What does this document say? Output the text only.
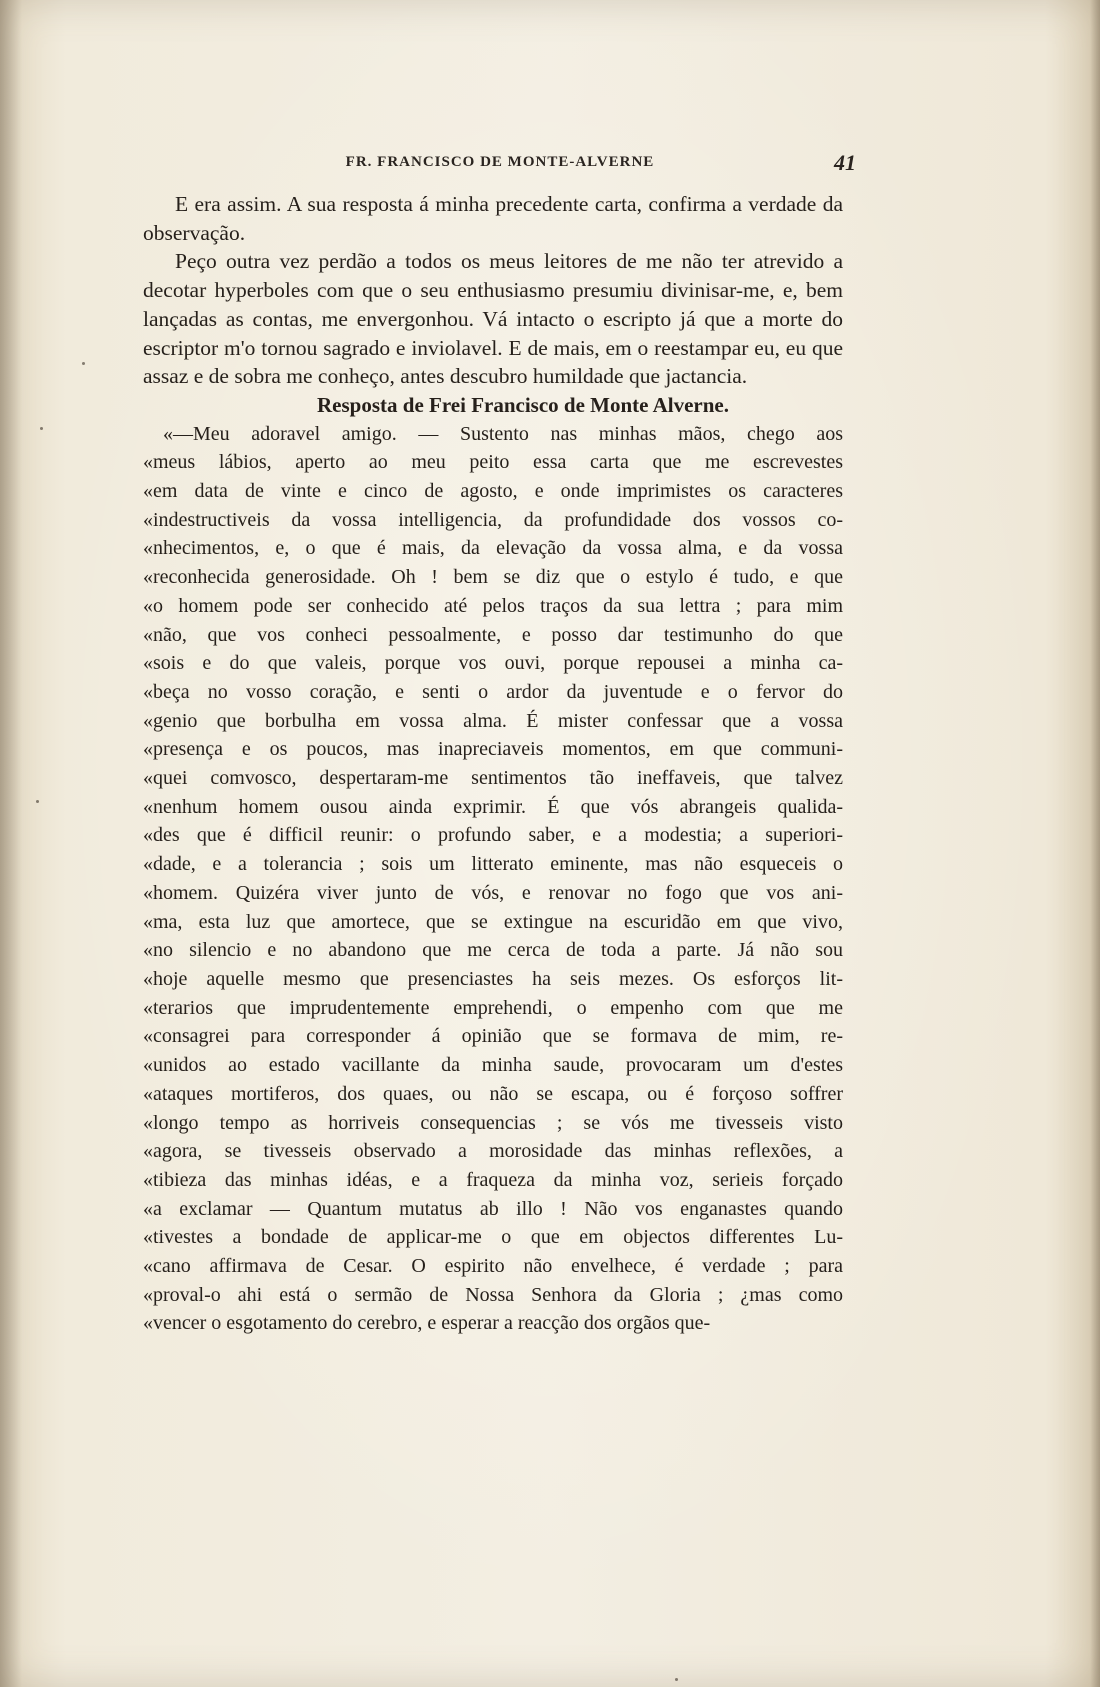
FR. FRANCISCO DE MONTE-ALVERNE	41

E era assim. A sua resposta á minha precedente carta, confirma a verdade da observação.

Peço outra vez perdão a todos os meus leitores de me não ter atrevido a decotar hyperboles com que o seu enthusiasmo presumiu divinisar-me, e, bem lançadas as contas, me envergonhou. Vá intacto o escripto já que a morte do escriptor m'o tornou sagrado e inviolavel. E de mais, em o reestampar eu, eu que assaz e de sobra me conheço, antes descubro humildade que jactancia.

Resposta de Frei Francisco de Monte Alverne.

«—Meu adoravel amigo. — Sustento nas minhas mãos, chego aos
«meus lábios, aperto ao meu peito essa carta que me escrevestes
«em data de vinte e cinco de agosto, e onde imprimistes os caracteres
«indestructiveis da vossa intelligencia, da profundidade dos vossos co-
«nhecimentos, e, o que é mais, da elevação da vossa alma, e da vossa
«reconhecida generosidade. Oh ! bem se diz que o estylo é tudo, e que
«o homem pode ser conhecido até pelos traços da sua lettra ; para mim
«não, que vos conheci pessoalmente, e posso dar testimunho do que
«sois e do que valeis, porque vos ouvi, porque repousei a minha ca-
«beça no vosso coração, e senti o ardor da juventude e o fervor do
«genio que borbulha em vossa alma. É mister confessar que a vossa
«presença e os poucos, mas inapreciaveis momentos, em que communi-
«quei comvosco, despertaram-me sentimentos tão ineffaveis, que talvez
«nenhum homem ousou ainda exprimir. É que vós abrangeis qualida-
«des que é difficil reunir: o profundo saber, e a modestia; a superiori-
«dade, e a tolerancia ; sois um litterato eminente, mas não esqueceis o
«homem. Quizéra viver junto de vós, e renovar no fogo que vos ani-
«ma, esta luz que amortece, que se extingue na escuridão em que vivo,
«no silencio e no abandono que me cerca de toda a parte. Já não sou
«hoje aquelle mesmo que presenciastes ha seis mezes. Os esforços lit-
«terarios que imprudentemente emprehendi, o empenho com que me
«consagrei para corresponder á opinião que se formava de mim, re-
«unidos ao estado vacillante da minha saude, provocaram um d'estes
«ataques mortiferos, dos quaes, ou não se escapa, ou é forçoso soffrer
«longo tempo as horriveis consequencias ; se vós me tivesseis visto
«agora, se tivesseis observado a morosidade das minhas reflexões, a
«tibieza das minhas idéas, e a fraqueza da minha voz, serieis forçado
«a exclamar — Quantum mutatus ab illo ! Não vos enganastes quando
«tivestes a bondade de applicar-me o que em objectos differentes Lu-
«cano affirmava de Cesar. O espirito não envelhece, é verdade ; para
«proval-o ahi está o sermão de Nossa Senhora da Gloria ; ¿mas como
«vencer o esgotamento do cerebro, e esperar a reacção dos orgãos que-
